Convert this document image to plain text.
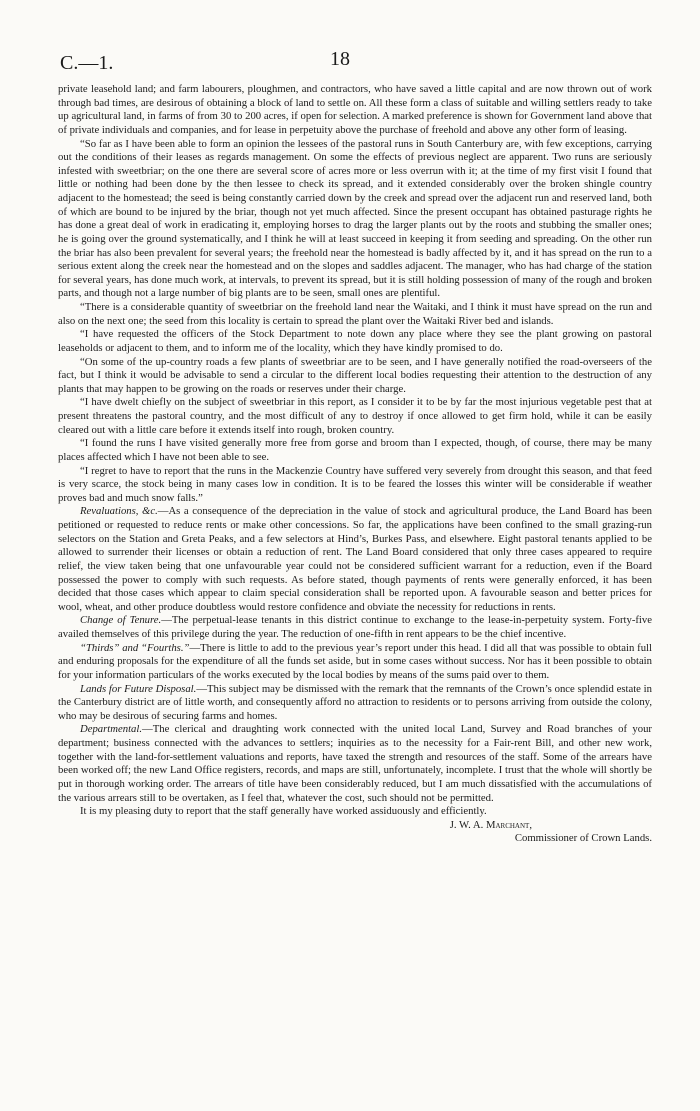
C.—1.	18

private leasehold land; and farm labourers, ploughmen, and contractors, who have saved a little capital and are now thrown out of work through bad times, are desirous of obtaining a block of land to settle on. All these form a class of suitable and willing settlers ready to take up agricultural land, in farms of from 30 to 200 acres, if open for selection. A marked preference is shown for Government land above that of private individuals and companies, and for lease in perpetuity above the purchase of freehold and above any other form of leasing.

“So far as I have been able to form an opinion the lessees of the pastoral runs in South Canterbury are, with few exceptions, carrying out the conditions of their leases as regards management. On some the effects of previous neglect are apparent. Two runs are seriously infested with sweetbriar; on the one there are several score of acres more or less overrun with it; at the time of my first visit I found that little or nothing had been done by the then lessee to check its spread, and it extended considerably over the broken shingle country adjacent to the homestead; the seed is being constantly carried down by the creek and spread over the adjacent run and reserved land, both of which are bound to be injured by the briar, though not yet much affected. Since the present occupant has obtained pasturage rights he has done a great deal of work in eradicating it, employing horses to drag the larger plants out by the roots and stubbing the smaller ones; he is going over the ground systematically, and I think he will at least succeed in keeping it from seeding and spreading. On the other run the briar has also been prevalent for several years; the freehold near the homestead is badly affected by it, and it has spread on the run to a serious extent along the creek near the homestead and on the slopes and saddles adjacent. The manager, who has had charge of the station for several years, has done much work, at intervals, to prevent its spread, but it is still holding possession of many of the rough and broken parts, and though not a large number of big plants are to be seen, small ones are plentiful.

“There is a considerable quantity of sweetbriar on the freehold land near the Waitaki, and I think it must have spread on the run and also on the next one; the seed from this locality is certain to spread the plant over the Waitaki River bed and islands.

“I have requested the officers of the Stock Department to note down any place where they see the plant growing on pastoral leaseholds or adjacent to them, and to inform me of the locality, which they have kindly promised to do.

“On some of the up-country roads a few plants of sweetbriar are to be seen, and I have generally notified the road-overseers of the fact, but I think it would be advisable to send a circular to the different local bodies requesting their attention to the destruction of any plants that may happen to be growing on the roads or reserves under their charge.

“I have dwelt chiefly on the subject of sweetbriar in this report, as I consider it to be by far the most injurious vegetable pest that at present threatens the pastoral country, and the most difficult of any to destroy if once allowed to get firm hold, while it can be easily cleared out with a little care before it extends itself into rough, broken country.

“I found the runs I have visited generally more free from gorse and broom than I expected, though, of course, there may be many places affected which I have not been able to see.

“I regret to have to report that the runs in the Mackenzie Country have suffered very severely from drought this season, and that feed is very scarce, the stock being in many cases low in condition. It is to be feared the losses this winter will be considerable if weather proves bad and much snow falls.”

Revaluations, &c.—As a consequence of the depreciation in the value of stock and agricultural produce, the Land Board has been petitioned or requested to reduce rents or make other concessions. So far, the applications have been confined to the small grazing-run selectors on the Station and Greta Peaks, and a few selectors at Hind’s, Burkes Pass, and elsewhere. Eight pastoral tenants applied to be allowed to surrender their licenses or obtain a reduction of rent. The Land Board considered that only three cases appeared to require relief, the view taken being that one unfavourable year could not be considered sufficient warrant for a reduction, even if the Board possessed the power to comply with such requests. As before stated, though payments of rents were generally enforced, it has been decided that those cases which appear to claim special consideration shall be reported upon. A favourable season and better prices for wool, wheat, and other produce doubtless would restore confidence and obviate the necessity for reductions in rents.

Change of Tenure.—The perpetual-lease tenants in this district continue to exchange to the lease-in-perpetuity system. Forty-five availed themselves of this privilege during the year. The reduction of one-fifth in rent appears to be the chief incentive.

“Thirds” and “Fourths.”—There is little to add to the previous year’s report under this head. I did all that was possible to obtain full and enduring proposals for the expenditure of all the funds set aside, but in some cases without success. Nor has it been possible to obtain for your information particulars of the works executed by the local bodies by means of the sums paid over to them.

Lands for Future Disposal.—This subject may be dismissed with the remark that the remnants of the Crown’s once splendid estate in the Canterbury district are of little worth, and consequently afford no attraction to residents or to persons arriving from outside the colony, who may be desirous of securing farms and homes.

Departmental.—The clerical and draughting work connected with the united local Land, Survey and Road branches of your department; business connected with the advances to settlers; inquiries as to the necessity for a Fair-rent Bill, and other new work, together with the land-for-settlement valuations and reports, have taxed the strength and resources of the staff. Some of the arrears have been worked off; the new Land Office registers, records, and maps are still, unfortunately, incomplete. I trust that the whole will shortly be put in thorough working order. The arrears of title have been considerably reduced, but I am much dissatisfied with the accumulations of the various arrears still to be overtaken, as I feel that, whatever the cost, such should not be permitted.

It is my pleasing duty to report that the staff generally have worked assiduously and efficiently.

J. W. A. Marchant,
Commissioner of Crown Lands.
